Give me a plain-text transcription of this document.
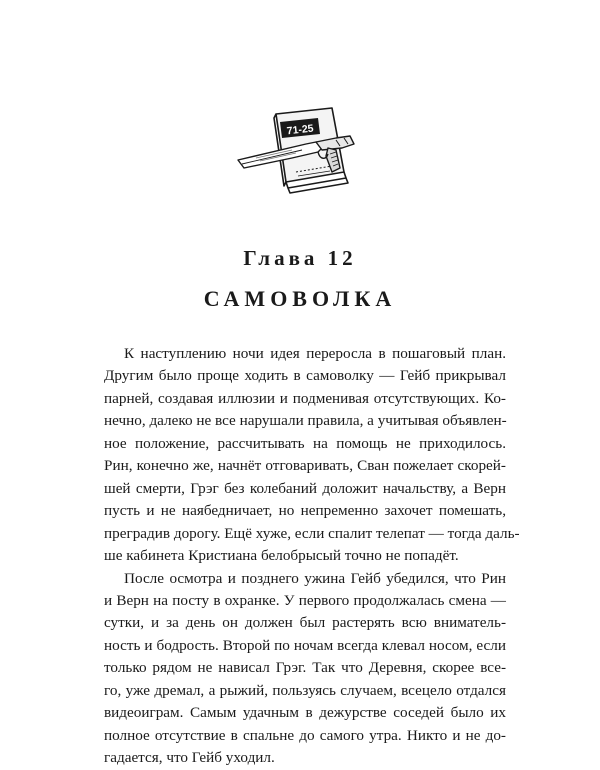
71-25
Глава 12
САМОВОЛКА
К наступлению ночи идея переросла в пошаговый план.
Другим было проще ходить в самоволку — Гейб прикрывал
парней, создавая иллюзии и подменивая отсутствующих. Ко-
нечно, далеко не все нарушали правила, а учитывая объявлен-
ное положение, рассчитывать на помощь не приходилось.
Рин, конечно же, начнёт отговаривать, Сван пожелает скорей-
шей смерти, Грэг без колебаний доложит начальству, а Верн
пусть и не наябедничает, но непременно захочет помешать,
преградив дорогу. Ещё хуже, если спалит телепат — тогда даль-
ше кабинета Кристиана белобрысый точно не попадёт.
После осмотра и позднего ужина Гейб убедился, что Рин
и Верн на посту в охранке. У первого продолжалась смена —
сутки, и за день он должен был растерять всю вниматель-
ность и бодрость. Второй по ночам всегда клевал носом, если
только рядом не нависал Грэг. Так что Деревня, скорее все-
го, уже дремал, а рыжий, пользуясь случаем, всецело отдался
видеоиграм. Самым удачным в дежурстве соседей было их
полное отсутствие в спальне до самого утра. Никто и не до-
гадается, что Гейб уходил.
